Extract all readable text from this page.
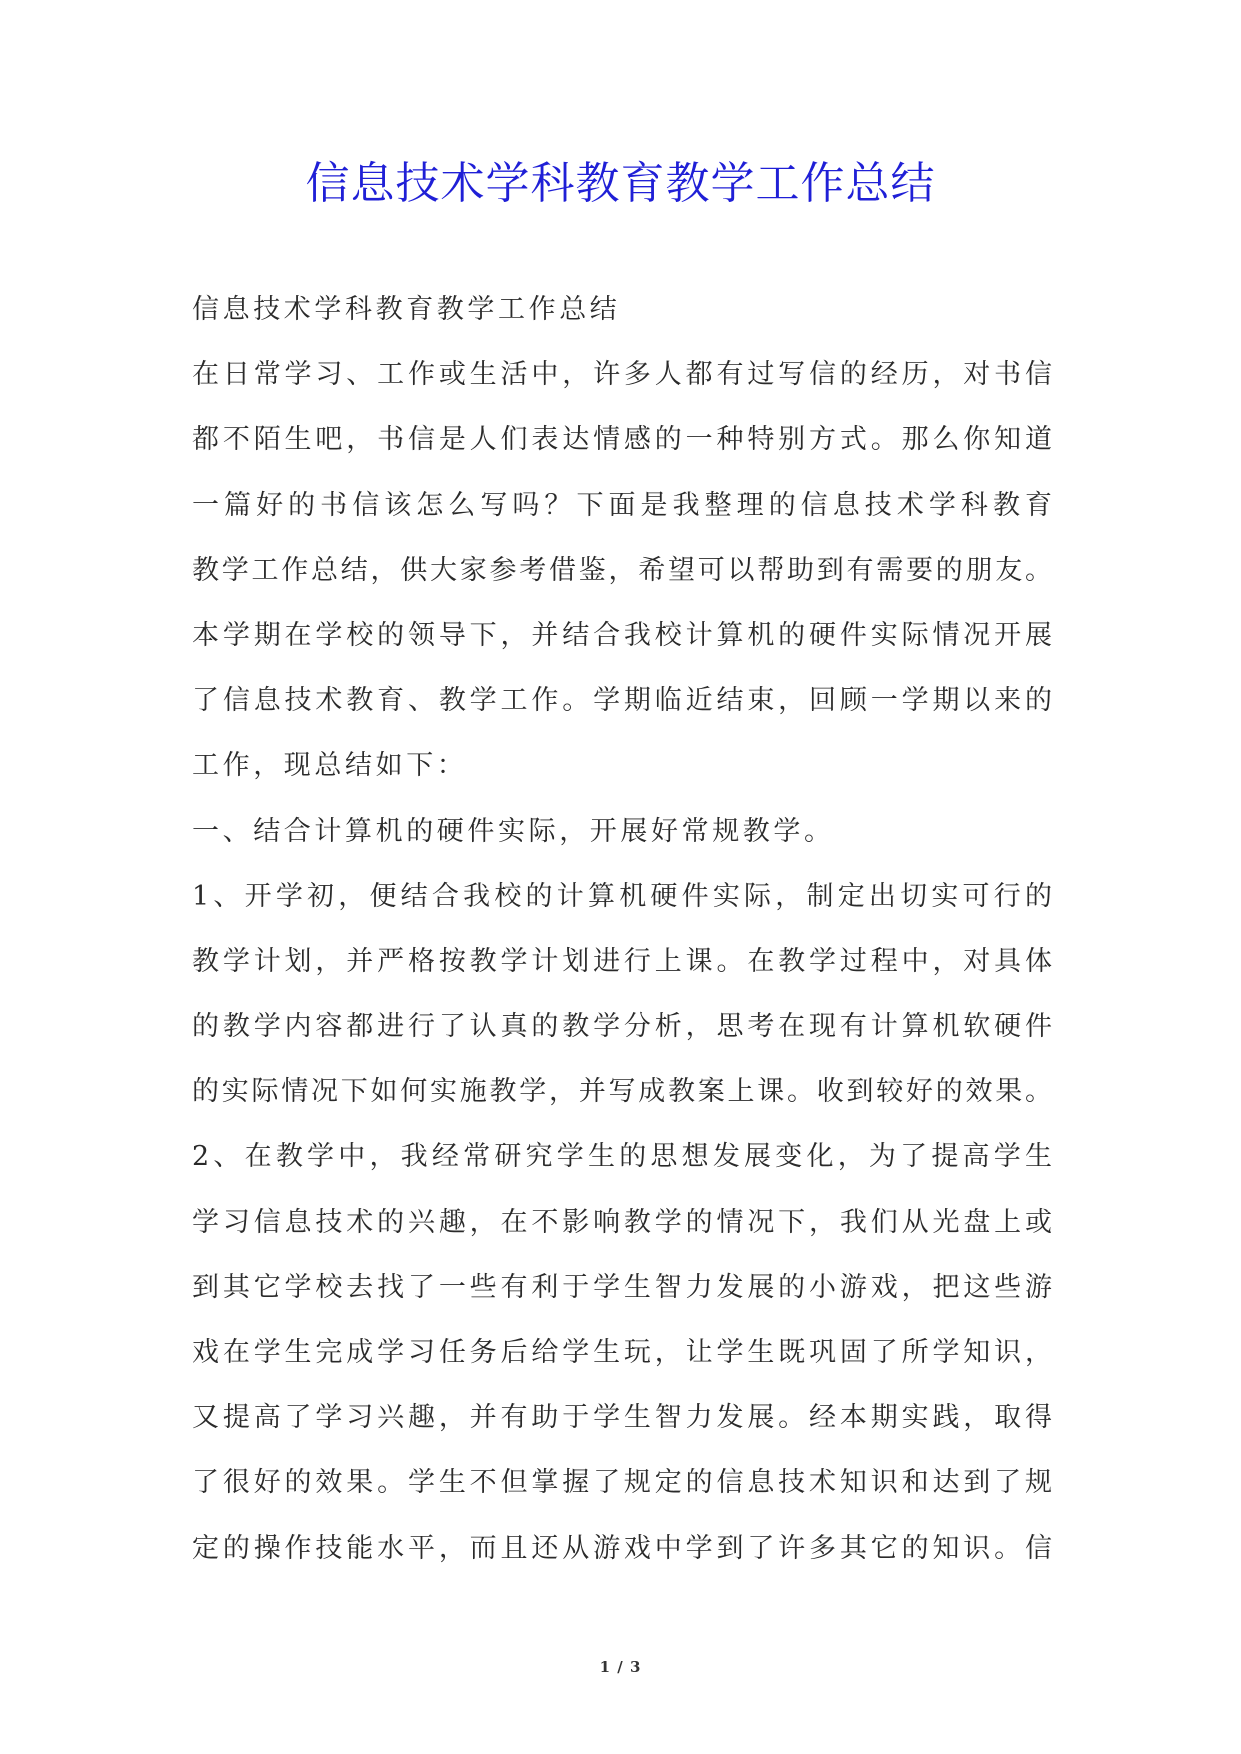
信息技术学科教育教学工作总结
信息技术学科教育教学工作总结
在日常学习、工作或生活中，许多人都有过写信的经历，对书信
都不陌生吧，书信是人们表达情感的一种特别方式。那么你知道
一篇好的书信该怎么写吗？下面是我整理的信息技术学科教育
教学工作总结，供大家参考借鉴，希望可以帮助到有需要的朋友。
本学期在学校的领导下，并结合我校计算机的硬件实际情况开展
了信息技术教育、教学工作。学期临近结束，回顾一学期以来的
工作，现总结如下：
一、结合计算机的硬件实际，开展好常规教学。
1、开学初，便结合我校的计算机硬件实际，制定出切实可行的
教学计划，并严格按教学计划进行上课。在教学过程中，对具体
的教学内容都进行了认真的教学分析，思考在现有计算机软硬件
的实际情况下如何实施教学，并写成教案上课。收到较好的效果。
2、在教学中，我经常研究学生的思想发展变化，为了提高学生
学习信息技术的兴趣，在不影响教学的情况下，我们从光盘上或
到其它学校去找了一些有利于学生智力发展的小游戏，把这些游
戏在学生完成学习任务后给学生玩，让学生既巩固了所学知识，
又提高了学习兴趣，并有助于学生智力发展。经本期实践，取得
了很好的效果。学生不但掌握了规定的信息技术知识和达到了规
定的操作技能水平，而且还从游戏中学到了许多其它的知识。信
1 / 3
